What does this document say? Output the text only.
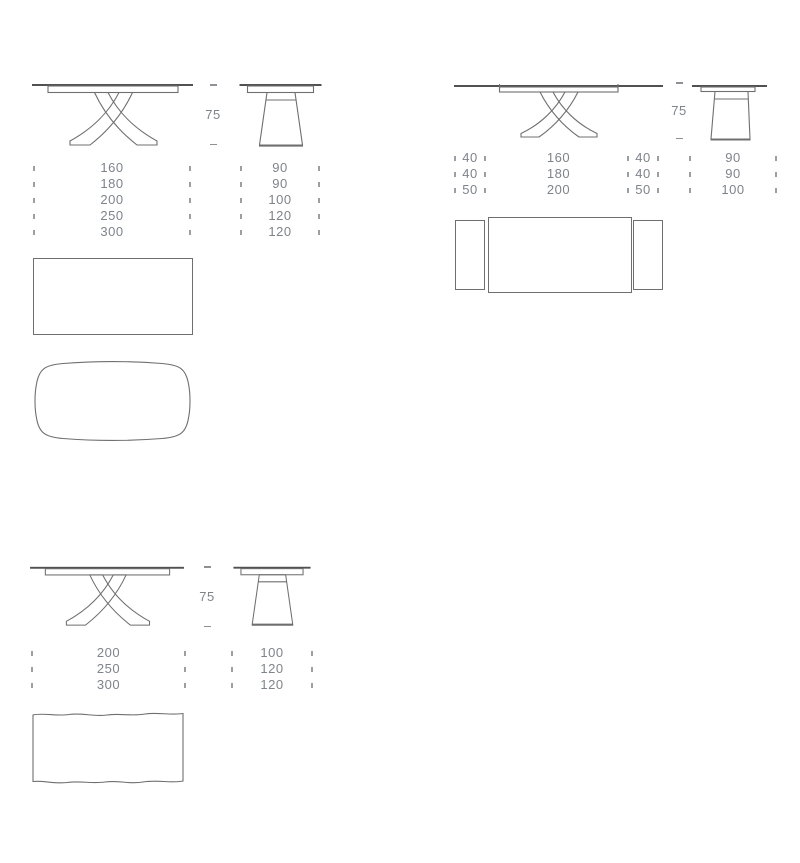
75
160
180
200
250
300
90
90
100
120
120
75
40
40
50
160
180
200
40
40
50
90
90
100
75
200
250
300
100
120
120
